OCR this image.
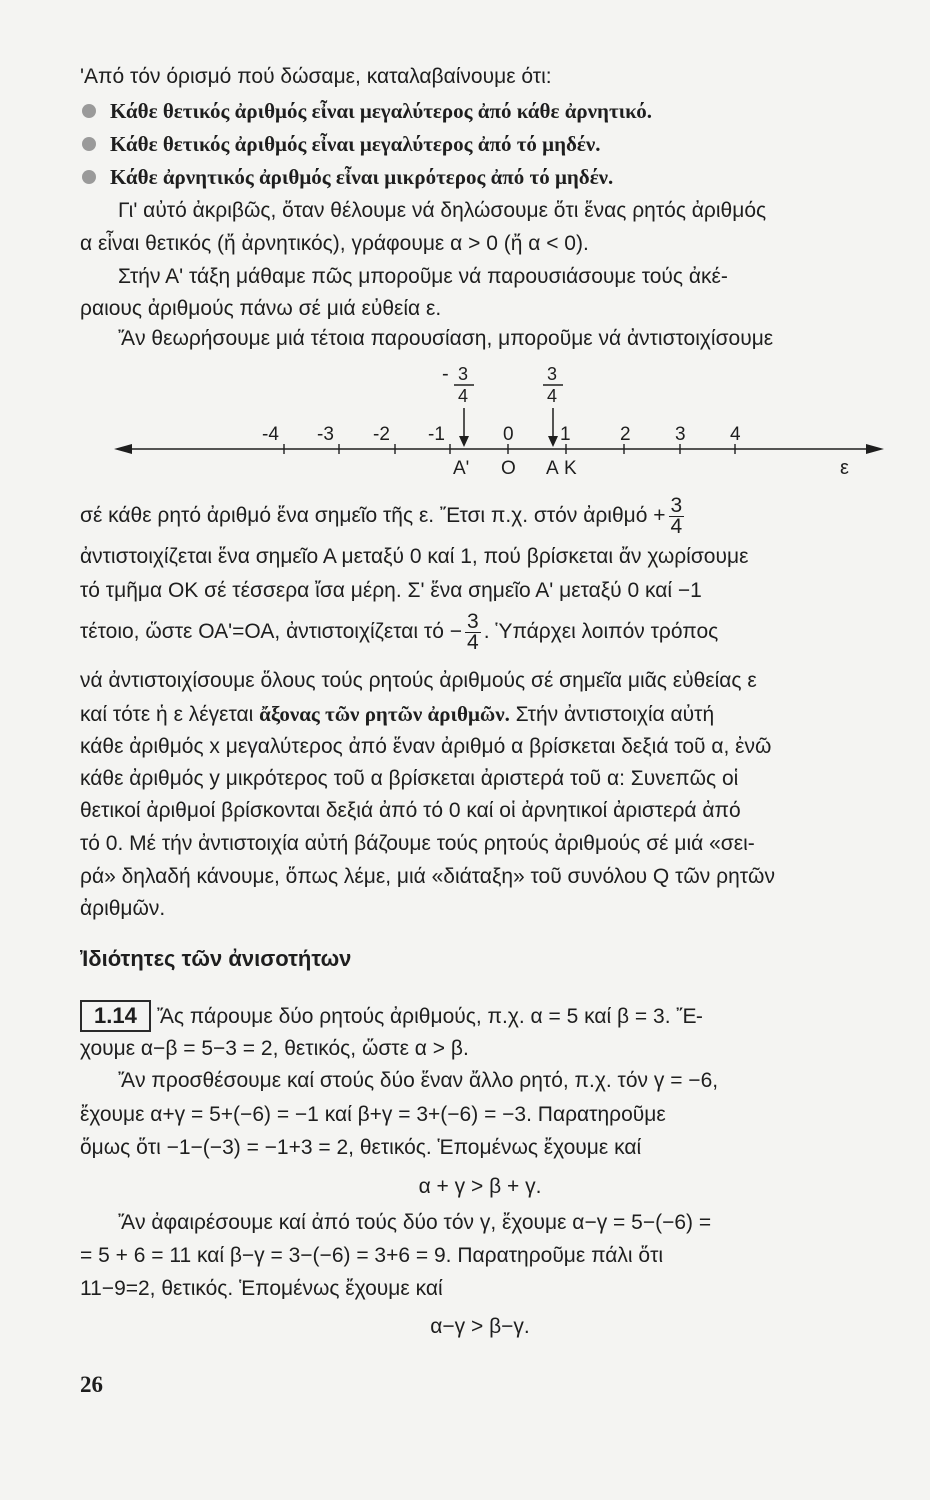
'Από τόν όρισμό πού δώσαμε, καταλαβαίνουμε ότι:
Κάθε θετικός ἀριθμός εἶναι μεγαλύτερος ἀπό κάθε ἀρνητικό.
Κάθε θετικός ἀριθμός εἶναι μεγαλύτερος ἀπό τό μηδέν.
Κάθε ἀρνητικός ἀριθμός εἶναι μικρότερος ἀπό τό μηδέν.
Γι' αὐτό ἀκριβῶς, ὅταν θέλουμε νά δηλώσουμε ὅτι ἕνας ρητός ἀριθμός
α εἶναι θετικός (ἤ ἀρνητικός), γράφουμε α > 0 (ἤ α < 0).
Στήν Α' τάξη μάθαμε πῶς μποροῦμε νά παρουσιάσουμε τούς ἀκέ-
ραιους ἀριθμούς πάνω σέ μιά εὐθεία ε.
Ἄν θεωρήσουμε μιά τέτοια παρουσίαση, μποροῦμε νά ἀντιστοιχίσουμε
- 3
4
3
4
-4 -3 -2 -1	0 1	2 3 4
Α' Ο Α Κ	ε
σέ κάθε ρητό ἀριθμό ἕνα σημεῖο τῆς ε. Ἔτσι π.χ. στόν ἀριθμό + $\frac{3}{4}$
ἀντιστοιχίζεται ἕνα σημεῖο Α μεταξύ 0 καί 1, πού βρίσκεται ἄν χωρίσουμε
τό τμῆμα ΟΚ σέ τέσσερα ἴσα μέρη. Σ' ἕνα σημεῖο Α' μεταξύ 0 καί −1
τέτοιο, ὥστε ΟΑ'=ΟΑ, ἀντιστοιχίζεται $\tau ό - \frac{3}{4}$ . Ὑπάρχει λοιπόν τρόπος
νά ἀντιστοιχίσουμε ὅλους τούς ρητούς ἀριθμούς σέ σημεῖα μιᾶς εὐθείας ε
καί τότε ἡ ε λέγεται ἄξονας τῶν ρητῶν ἀριθμῶν. Στήν ἀντιστοιχία αὐτή
κάθε ἀριθμός x μεγαλύτερος ἀπό ἕναν ἀριθμό α βρίσκεται δεξιά τοῦ α, ἐνῶ
κάθε ἀριθμός y μικρότερος τοῦ α βρίσκεται ἀριστερά τοῦ α: Συνεπῶς οἱ
θετικοί ἀριθμοί βρίσκονται δεξιά ἀπό τό 0 καί οἱ ἀρνητικοί ἀριστερά ἀπό
τό 0. Μέ τήν ἀντιστοιχία αὐτή βάζουμε τούς ρητούς ἀριθμούς σέ μιά «σει-
ρά» δηλαδή κάνουμε, ὅπως λέμε, μιά «διάταξη» τοῦ συνόλου Q τῶν ρητῶν
ἀριθμῶν.
Ἰδιότητες τῶν ἀνισοτήτων
1.14 Ἄς πάρουμε δύο ρητούς ἀριθμούς, π.χ. α = 5 καί β = 3. Ἔ-
χουμε α−β = 5−3 = 2, θετικός, ὥστε α > β.
Ἄν προσθέσουμε καί στούς δύο ἕναν ἄλλο ρητό, π.χ. τόν γ = −6,
ἔχουμε α+γ = 5+(−6) = −1 καί β+γ = 3+(−6) = −3. Παρατηροῦμε
ὅμως ὅτι −1−(−3) = −1+3 = 2, θετικός. Ἑπομένως ἔχουμε καί
α + γ > β + γ.
Ἄν ἀφαιρέσουμε καί ἀπό τούς δύο τόν γ, ἔχουμε α−γ = 5−(−6) =
= 5 + 6 = 11 καί β−γ = 3−(−6) = 3+6 = 9. Παρατηροῦμε πάλι ὅτι
11−9=2, θετικός. Ἑπομένως ἔχουμε καί
α−γ > β−γ.
26
